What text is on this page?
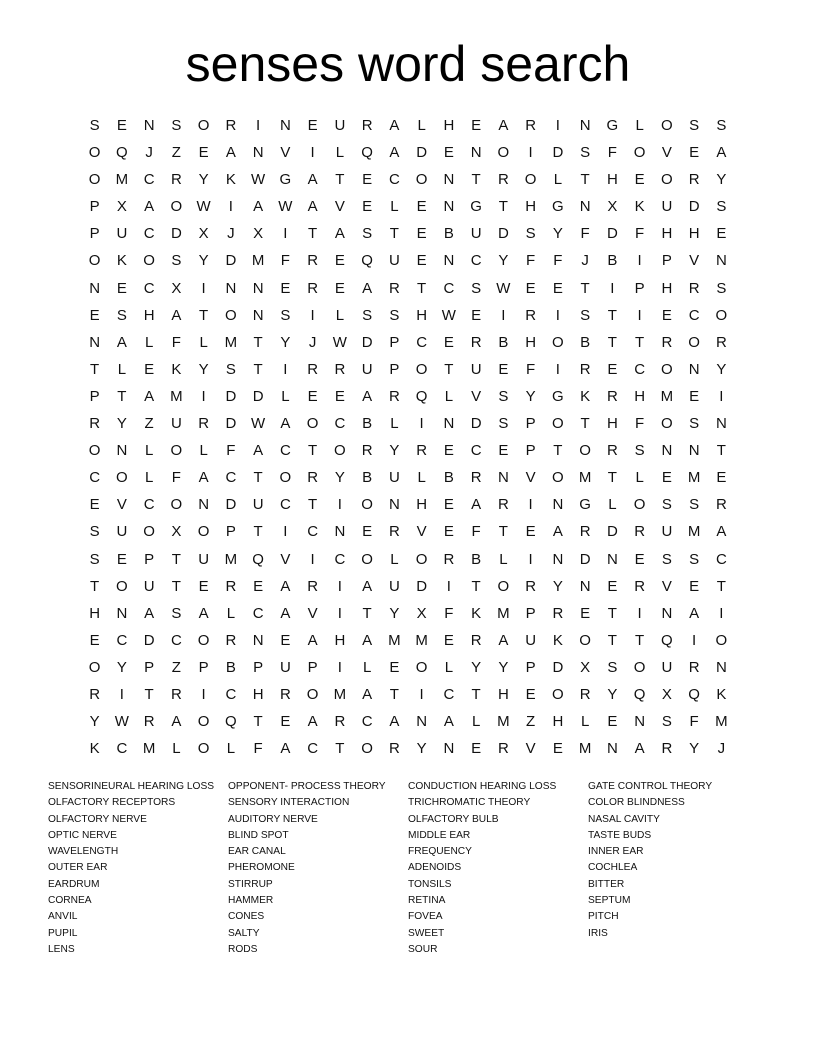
senses word search
S	E	N	S	O	R	I	N	E	U	R	A	L	H	E	A	R	I	N	G	L	O	S	S
O	Q	J	Z	E	A	N	V	I	L	Q	A	D	E	N	O	I	D	S	F	O	V	E	A
O	M	C	R	Y	K	W G	A	T	E	C	O	N	T	R	O	L	T	H	E	O	R	Y
P	X	A	O W	I	A	W	A	V	E	L	E	N	G	T	H	G	N	X	K	U	D	S
P	U	C	D	X	J	X	I	T	A	S	T	E	B	U	D	S	Y	F	D	F	H	H	E
O	K	O	S	Y	D	M	F	R	E	Q	U	E	N	C	Y	F	F	J	B	I	P	V	N
N	E	C	X	I	N	N	E	R	E	A	R	T	C	S	W	E	E	T	I	P	H	R	S
E	S	H	A	T	O	N	S	I	L	S	S	H W	E	I	R	I	S	T	I	E	C	O
N	A	L	F	L	M	T	Y	J	W D	P	C	E	R	B	H	O	B	T	T	R	O	R
T	L	E	K	Y	S	T	I	R	R	U	P	O	T	U	E	F	I	R	E	C	O	N	Y
P	T	A	M	I	D	D	L	E	E	A	R	Q	L	V	S	Y	G	K	R	H	M	E	I
R	Y	Z	U	R	D W	A	O	C	B	L	I	N	D	S	P	O	T	H	F	O	S	N
O	N	L	O	L	F	A	C	T	O	R	Y	R	E	C	E	P	T	O	R	S	N	N	T
C	O	L	F	A	C	T	O	R	Y	B	U	L	B	R	N	V	O	M	T	L	E	M	E
E	V	C	O	N	D	U	C	T	I	O	N	H	E	A	R	I	N	G	L	O	S	S	R
S	U	O	X	O	P	T	I	C	N	E	R	V	E	F	T	E	A	R	D	R	U	M	A
S	E	P	T	U	M	Q	V	I	C	O	L	O	R	B	L	I	N	D	N	E	S	S	C
T	O	U	T	E	R	E	A	R	I	A	U	D	I	T	O	R	Y	N	E	R	V	E	T
H	N	A	S	A	L	C	A	V	I	T	Y	X	F	K	M	P	R	E	T	I	N	A	I
E	C	D	C	O	R	N	E	A	H	A	M M	E	R	A	U	K	O	T	T	Q	I	O
O	Y	P	Z	P	B	P	U	P	I	L	E	O	L	Y	Y	P	D	X	S	O	U	R	N
R	I	T	R	I	C	H	R	O	M	A	T	I	C	T	H	E	O	R	Y	Q	X	Q	K
Y	W R	A	O	Q	T	E	A	R	C	A	N	A	L	M	Z	H	L	E	N	S	F	M
K	C	M	L	O	L	F	A	C	T	O	R	Y	N	E	R	V	E	M	N	A	R	Y	J
SENSORINEURAL HEARING LOSS	OPPONENT- PROCESS THEORY	CONDUCTION HEARING LOSS	GATE CONTROL THEORY
OLFACTORY RECEPTORS	SENSORY INTERACTION	TRICHROMATIC THEORY	COLOR BLINDNESS
OLFACTORY NERVE	AUDITORY NERVE	OLFACTORY BULB	NASAL CAVITY
OPTIC NERVE	BLIND SPOT	MIDDLE EAR	TASTE BUDS
WAVELENGTH	EAR CANAL	FREQUENCY	INNER EAR
OUTER EAR	PHEROMONE	ADENOIDS	COCHLEA
EARDRUM	STIRRUP	TONSILS	BITTER
CORNEA	HAMMER	RETINA	SEPTUM
ANVIL	CONES	FOVEA	PITCH
PUPIL	SALTY	SWEET	IRIS
LENS	RODS	SOUR
